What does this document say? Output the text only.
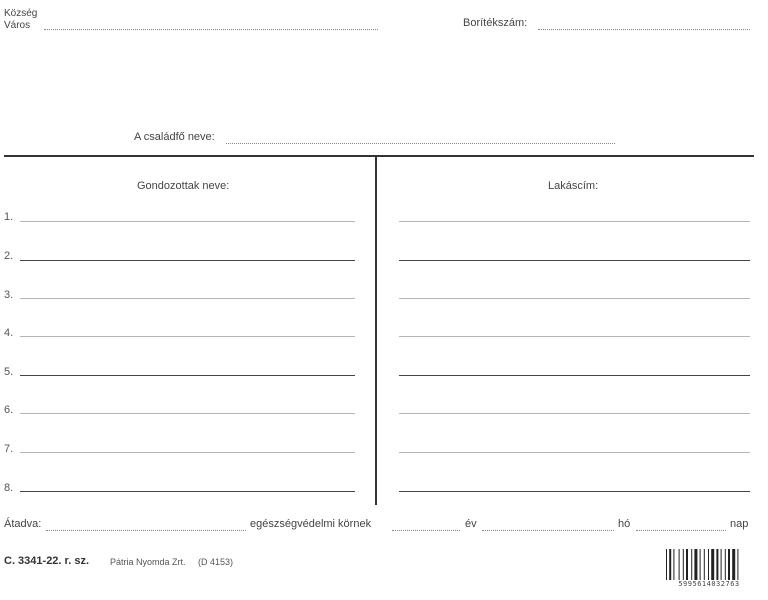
Község
Város	Borítékszám:
A családfő neve:
Gondozottak neve:	Lakáscím:
1.
2.
3.
4.
5.
6.
7.
8.
Átadva:	egészségvédelmi körnek	év	hó	nap
C. 3341-22. r. sz. Pátria Nyomda Zrt. (D 4153)
5995614032763
